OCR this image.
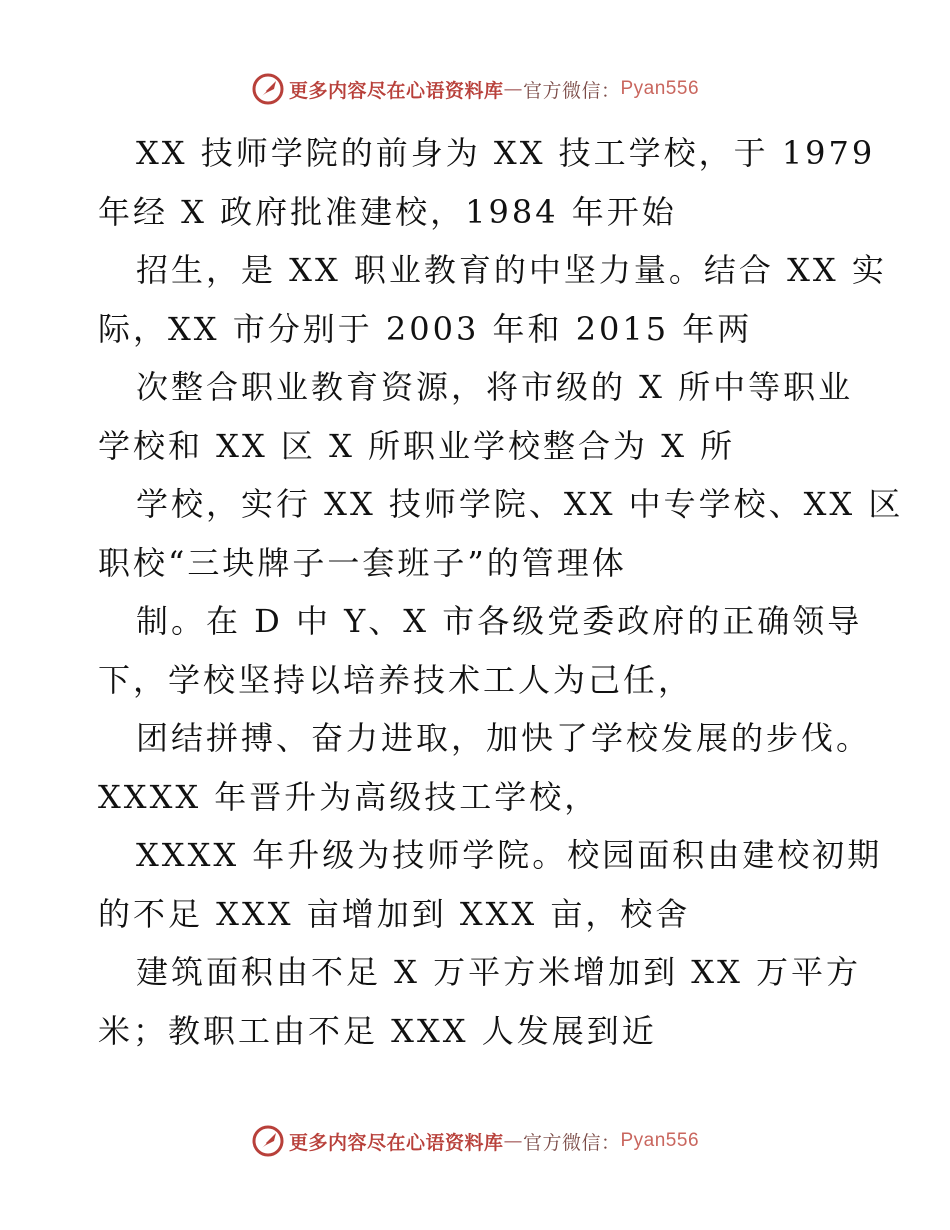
更多内容尽在心语资料库 — 官方微信： Pyan556
XX 技师学院的前身为 XX 技工学校，于 1979
年经 X 政府批准建校，1984 年开始
招生，是 XX 职业教育的中坚力量。结合 XX 实
际，XX 市分别于 2003 年和 2015 年两
次整合职业教育资源，将市级的 X 所中等职业
学校和 XX 区 X 所职业学校整合为 X 所
学校，实行 XX 技师学院、XX 中专学校、XX 区
职校“三块牌子一套班子”的管理体
制。在 D 中 Y、X 市各级党委政府的正确领导
下，学校坚持以培养技术工人为己任，
团结拼搏、奋力进取，加快了学校发展的步伐。
XXXX 年晋升为高级技工学校，
XXXX 年升级为技师学院。校园面积由建校初期
的不足 XXX 亩增加到 XXX 亩，校舍
建筑面积由不足 X 万平方米增加到 XX 万平方
米；教职工由不足 XXX 人发展到近
更多内容尽在心语资料库 — 官方微信： Pyan556
